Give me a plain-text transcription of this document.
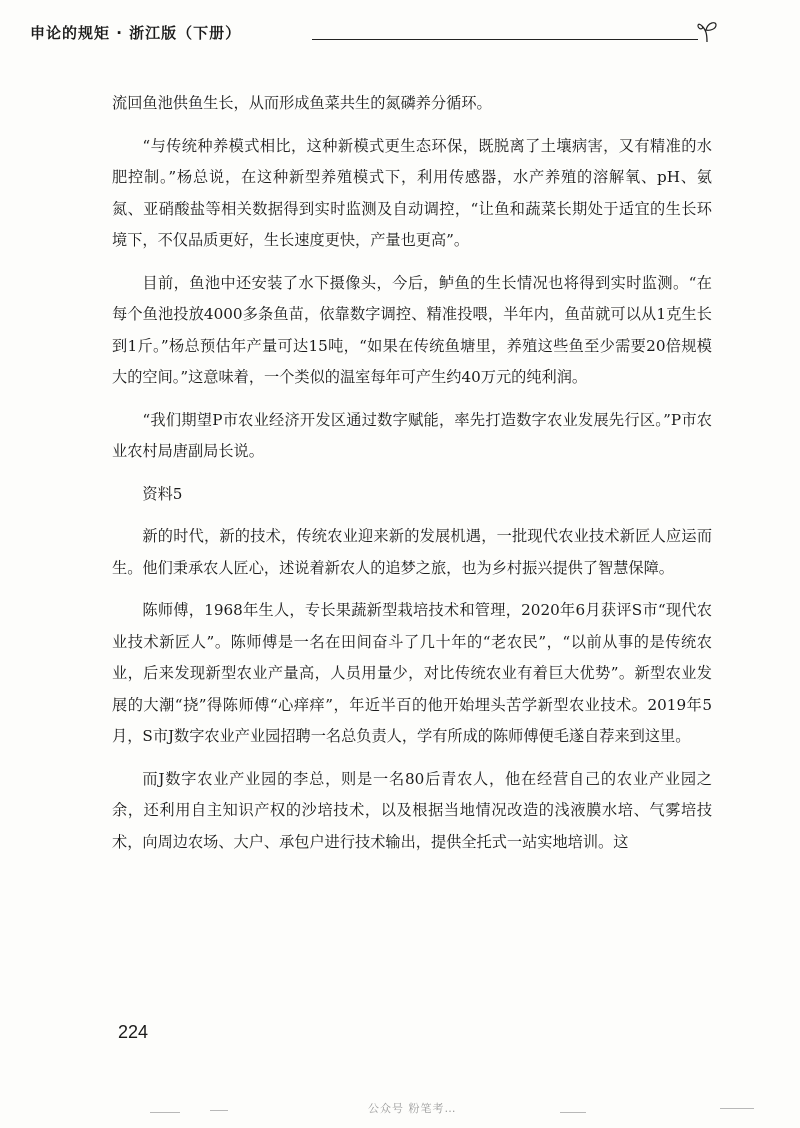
申论的规矩 · 浙江版（下册）

流回鱼池供鱼生长，从而形成鱼菜共生的氮磷养分循环。

“与传统种养模式相比，这种新模式更生态环保，既脱离了土壤病害，又有精准的水肥控制。”杨总说，在这种新型养殖模式下，利用传感器，水产养殖的溶解氧、pH、氨氮、亚硝酸盐等相关数据得到实时监测及自动调控，“让鱼和蔬菜长期处于适宜的生长环境下，不仅品质更好，生长速度更快，产量也更高”。

目前，鱼池中还安装了水下摄像头，今后，鲈鱼的生长情况也将得到实时监测。“在每个鱼池投放4000多条鱼苗，依靠数字调控、精准投喂，半年内，鱼苗就可以从1克生长到1斤。”杨总预估年产量可达15吨，“如果在传统鱼塘里，养殖这些鱼至少需要20倍规模大的空间。”这意味着，一个类似的温室每年可产生约40万元的纯利润。

“我们期望P市农业经济开发区通过数字赋能，率先打造数字农业发展先行区。”P市农业农村局唐副局长说。

资料5

新的时代，新的技术，传统农业迎来新的发展机遇，一批现代农业技术新匠人应运而生。他们秉承农人匠心，述说着新农人的追梦之旅，也为乡村振兴提供了智慧保障。

陈师傅，1968年生人，专长果蔬新型栽培技术和管理，2020年6月获评S市“现代农业技术新匠人”。陈师傅是一名在田间奋斗了几十年的“老农民”，“以前从事的是传统农业，后来发现新型农业产量高，人员用量少，对比传统农业有着巨大优势”。新型农业发展的大潮“挠”得陈师傅“心痒痒”，年近半百的他开始埋头苦学新型农业技术。2019年5月，S市J数字农业产业园招聘一名总负责人，学有所成的陈师傅便毛遂自荐来到这里。

而J数字农业产业园的李总，则是一名80后青农人，他在经营自己的农业产业园之余，还利用自主知识产权的沙培技术，以及根据当地情况改造的浅液膜水培、气雾培技术，向周边农场、大户、承包户进行技术输出，提供全托式一站实地培训。这

224
公众号 粉笔考…
